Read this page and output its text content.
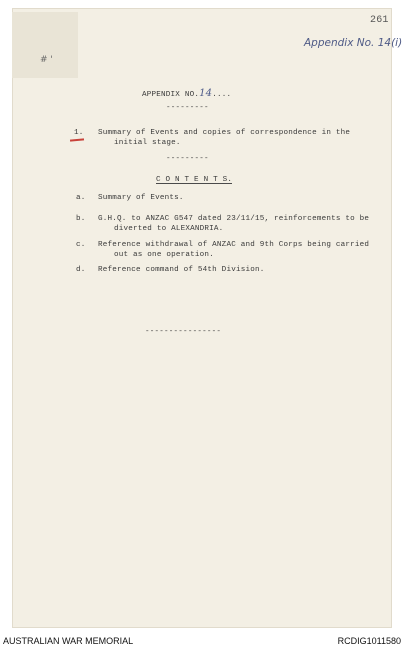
# '
261
Appendix No. 14(i)
APPENDIX NO.14....
---------
1. Summary of Events and copies of correspondence in the
initial stage.
---------
C O N T E N T S.
a. Summary of Events.
b. G.H.Q. to ANZAC G547 dated 23/11/15, reinforcements to be
diverted to ALEXANDRIA.
c. Reference withdrawal of ANZAC and 9th Corps being carried
out as one operation.
d. Reference command of 54th Division.
----------------
AUSTRALIAN WAR MEMORIAL	RCDIG1011580
